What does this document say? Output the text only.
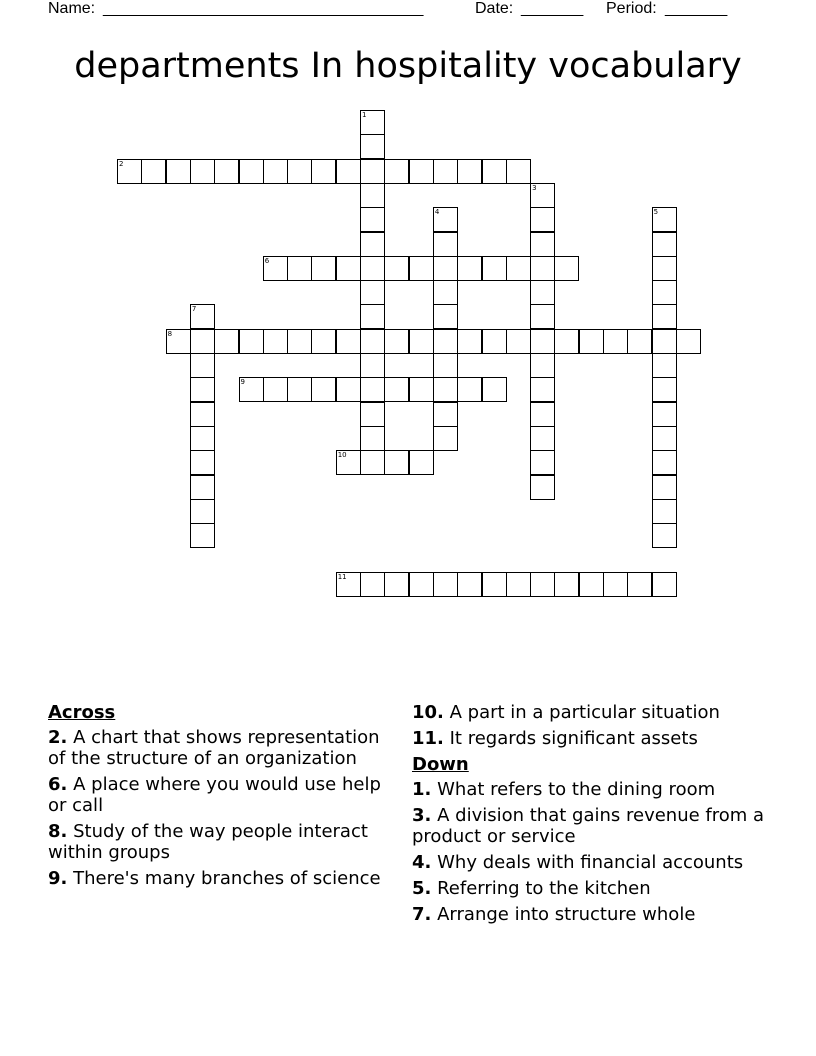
Name: ____________________________________	Date: _______ Period: _______
departments In hospitality vocabulary
1
2
3
4	5
6
7
8
9
10
11
Across
2. A chart that shows representation of the structure of an organization
6. A place where you would use help or call
8. Study of the way people interact within groups
9. There's many branches of science
10. A part in a particular situation
11. It regards significant assets
Down
1. What refers to the dining room
3. A division that gains revenue from a product or service
4. Why deals with financial accounts
5. Referring to the kitchen
7. Arrange into structure whole
